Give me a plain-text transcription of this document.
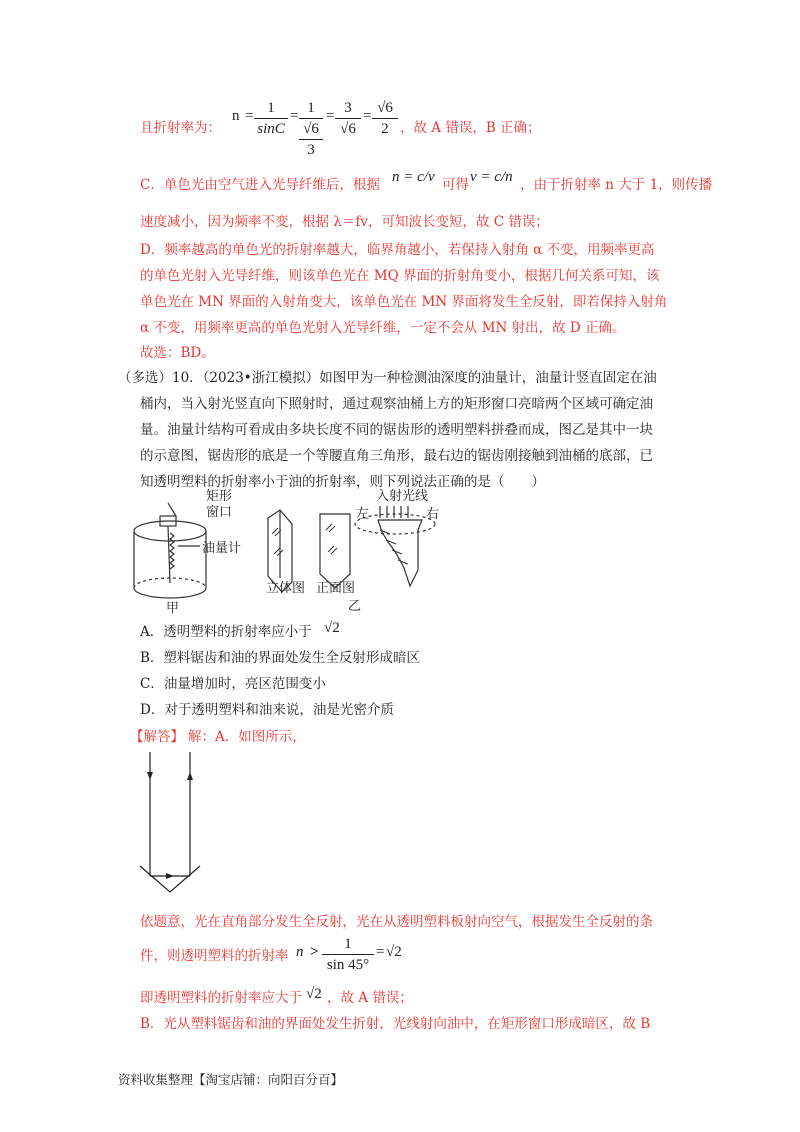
且折射率为：
$n = \frac{1}{\sin C} = 1$
√6
3
= $\frac{3}{√6} = \frac{√6}{2}$ ，故 A 错误，B 正确；
C．单色光由空气进入光导纤维后，根据 n = c/v 可得 v = c/n ，由于折射率 n 大于 1，则传播
速度减小，因为频率不变，根据 λ＝fv，可知波长变短，故 C 错误；
D．频率越高的单色光的折射率越大，临界角越小，若保持入射角 α 不变，用频率更高
的单色光射入光导纤维，则该单色光在 MQ 界面的折射角变小，根据几何关系可知，该
单色光在 MN 界面的入射角变大，该单色光在 MN 界面将发生全反射，即若保持入射角
α 不变，用频率更高的单色光射入光导纤维，一定不会从 MN 射出，故 D 正确。
故选：BD。
（多选）10．（2023•浙江模拟）如图甲为一种检测油深度的油量计，油量计竖直固定在油
桶内，当入射光竖直向下照射时，通过观察油桶上方的矩形窗口亮暗两个区域可确定油
量。油量计结构可看成由多块长度不同的锯齿形的透明塑料拼叠而成，图乙是其中一块
的示意图，锯齿形的底是一个等腰直角三角形，最右边的锯齿刚接触到油桶的底部，已
知透明塑料的折射率小于油的折射率，则下列说法正确的是（　　）
矩形
窗口
油量计
甲
立体图 正面图
乙
入射光线
左	右
A．透明塑料的折射率应小于 √2
B．塑料锯齿和油的界面处发生全反射形成暗区
C．油量增加时，亮区范围变小
D．对于透明塑料和油来说，油是光密介质
【解答】 解：A．如图所示，
依题意，光在直角部分发生全反射，光在从透明塑料板射向空气，根据发生全反射的条
件，则透明塑料的折射率 $n > \frac{1}{\sin 45^\circ} = √2$
即透明塑料的折射率应大于 √2 ，故 A 错误；
B．光从塑料锯齿和油的界面处发生折射，光线射向油中，在矩形窗口形成暗区，故 B
资料收集整理【淘宝店铺：向阳百分百】
